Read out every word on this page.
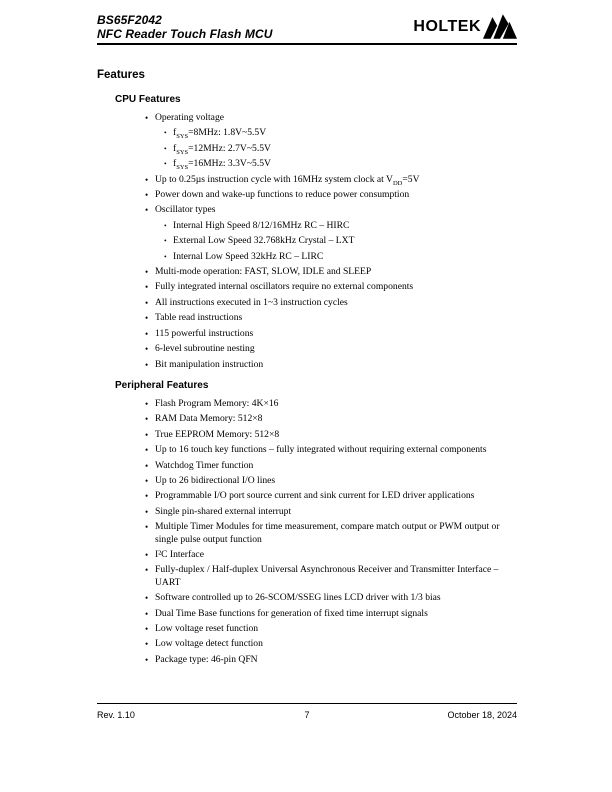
BS65F2042
NFC Reader Touch Flash MCU	HOLTEK
Features
CPU Features
• Operating voltage
• $f_{SYS}=8MHz$: 1.8V~5.5V
• $f_{SYS}=12MHz$: 2.7V~5.5V
• $f_{SYS}=16MHz$: 3.3V~5.5V
• Up to 0.25µs instruction cycle with 16MHz system clock at $V_{DD}=5V$
• Power down and wake-up functions to reduce power consumption
• Oscillator types
• Internal High Speed 8/12/16MHz RC – HIRC
• External Low Speed 32.768kHz Crystal – LXT
• Internal Low Speed 32kHz RC – LIRC
• Multi-mode operation: FAST, SLOW, IDLE and SLEEP
• Fully integrated internal oscillators require no external components
• All instructions executed in 1~3 instruction cycles
• Table read instructions
• 115 powerful instructions
• 6-level subroutine nesting
• Bit manipulation instruction
Peripheral Features
• Flash Program Memory: 4K×16
• RAM Data Memory: 512×8
• True EEPROM Memory: 512×8
• Up to 16 touch key functions – fully integrated without requiring external components
• Watchdog Timer function
• Up to 26 bidirectional I/O lines
• Programmable I/O port source current and sink current for LED driver applications
• Single pin-shared external interrupt
• Multiple Timer Modules for time measurement, compare match output or PWM output or single pulse output function
• I²C Interface
• Fully-duplex / Half-duplex Universal Asynchronous Receiver and Transmitter Interface – UART
• Software controlled up to 26-SCOM/SSEG lines LCD driver with 1/3 bias
• Dual Time Base functions for generation of fixed time interrupt signals
• Low voltage reset function
• Low voltage detect function
• Package type: 46-pin QFN
Rev. 1.10	7	October 18, 2024
